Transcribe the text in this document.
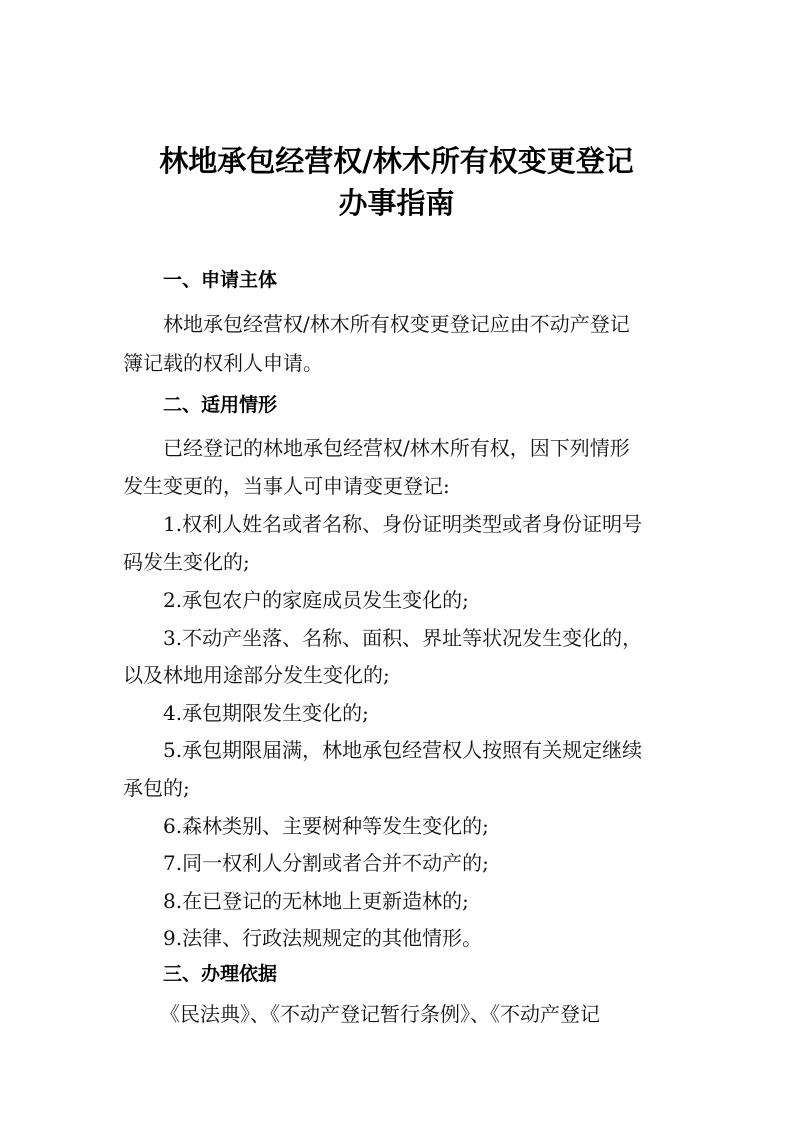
林地承包经营权/林木所有权变更登记
办事指南
一、申请主体
林地承包经营权/林木所有权变更登记应由不动产登记
簿记载的权利人申请。
二、适用情形
已经登记的林地承包经营权/林木所有权，因下列情形
发生变更的，当事人可申请变更登记:
1.权利人姓名或者名称、身份证明类型或者身份证明号
码发生变化的;
2.承包农户的家庭成员发生变化的;
3.不动产坐落、名称、面积、界址等状况发生变化的，
以及林地用途部分发生变化的;
4.承包期限发生变化的;
5.承包期限届满，林地承包经营权人按照有关规定继续
承包的;
6.森林类别、主要树种等发生变化的;
7.同一权利人分割或者合并不动产的;
8.在已登记的无林地上更新造林的;
9.法律、行政法规规定的其他情形。
三、办理依据
《民法典》、《不动产登记暂行条例》、《不动产登记
